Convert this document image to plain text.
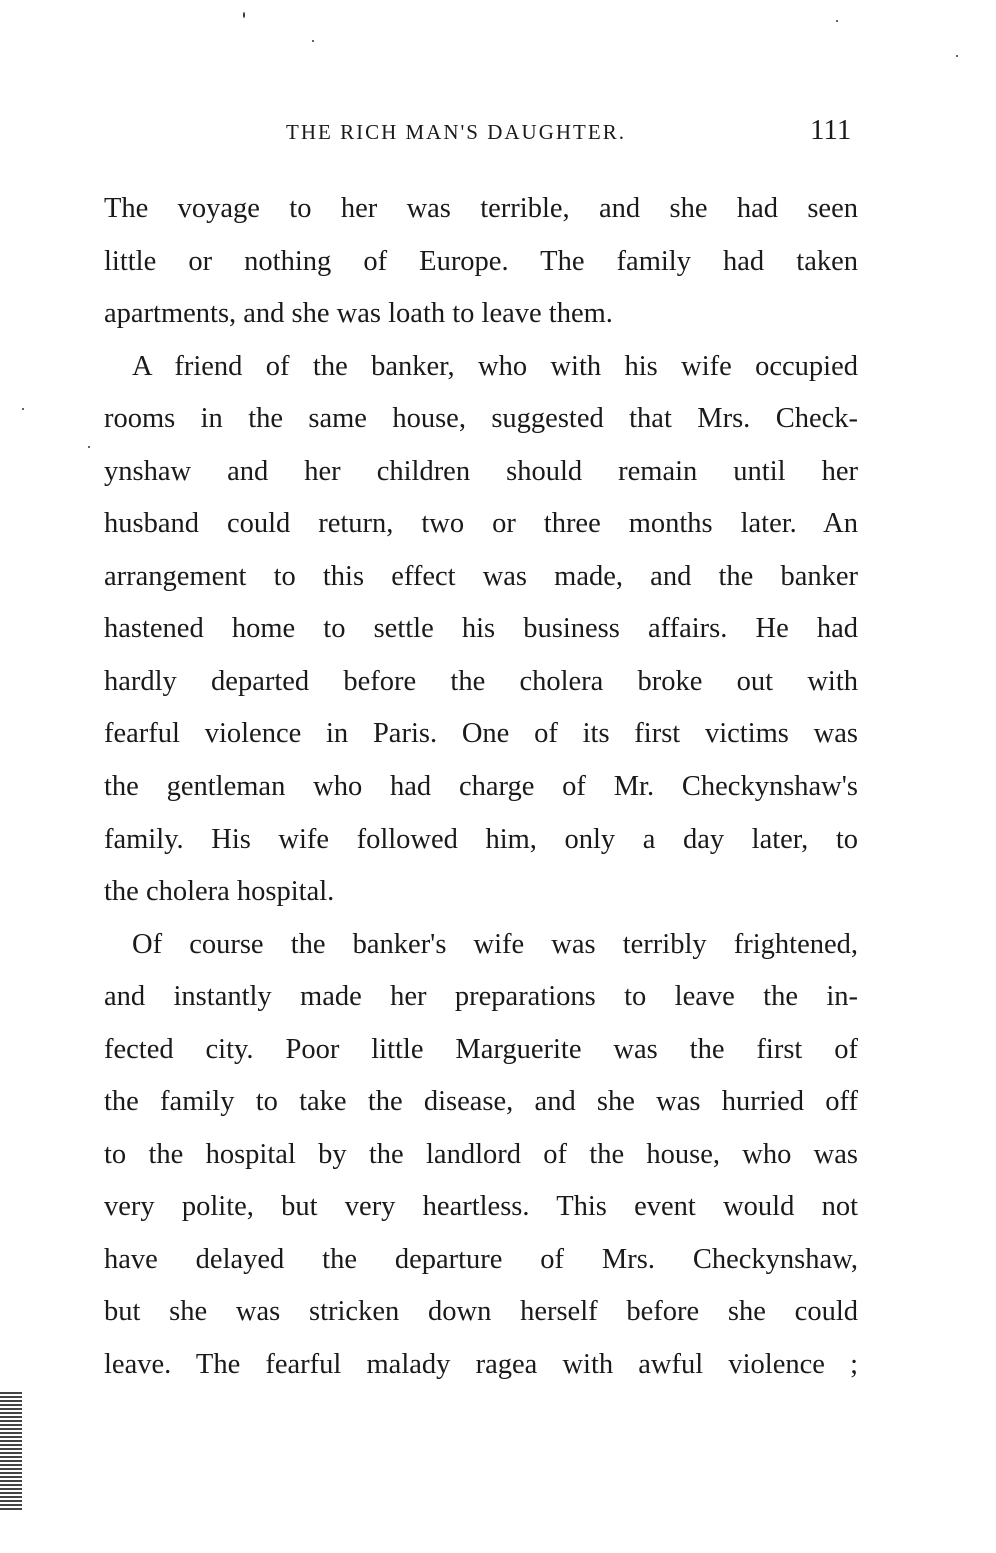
THE RICH MAN'S DAUGHTER.	111
The voyage to her was terrible, and she had seen
little or nothing of Europe. The family had taken
apartments, and she was loath to leave them.
A friend of the banker, who with his wife occupied
rooms in the same house, suggested that Mrs. Check-
ynshaw and her children should remain until her
husband could return, two or three months later. An
arrangement to this effect was made, and the banker
hastened home to settle his business affairs. He had
hardly departed before the cholera broke out with
fearful violence in Paris. One of its first victims was
the gentleman who had charge of Mr. Checkynshaw's
family. His wife followed him, only a day later, to
the cholera hospital.
Of course the banker's wife was terribly frightened,
and instantly made her preparations to leave the in-
fected city. Poor little Marguerite was the first of
the family to take the disease, and she was hurried off
to the hospital by the landlord of the house, who was
very polite, but very heartless. This event would not
have delayed the departure of Mrs. Checkynshaw,
but she was stricken down herself before she could
leave. The fearful malady ragea with awful violence ;
